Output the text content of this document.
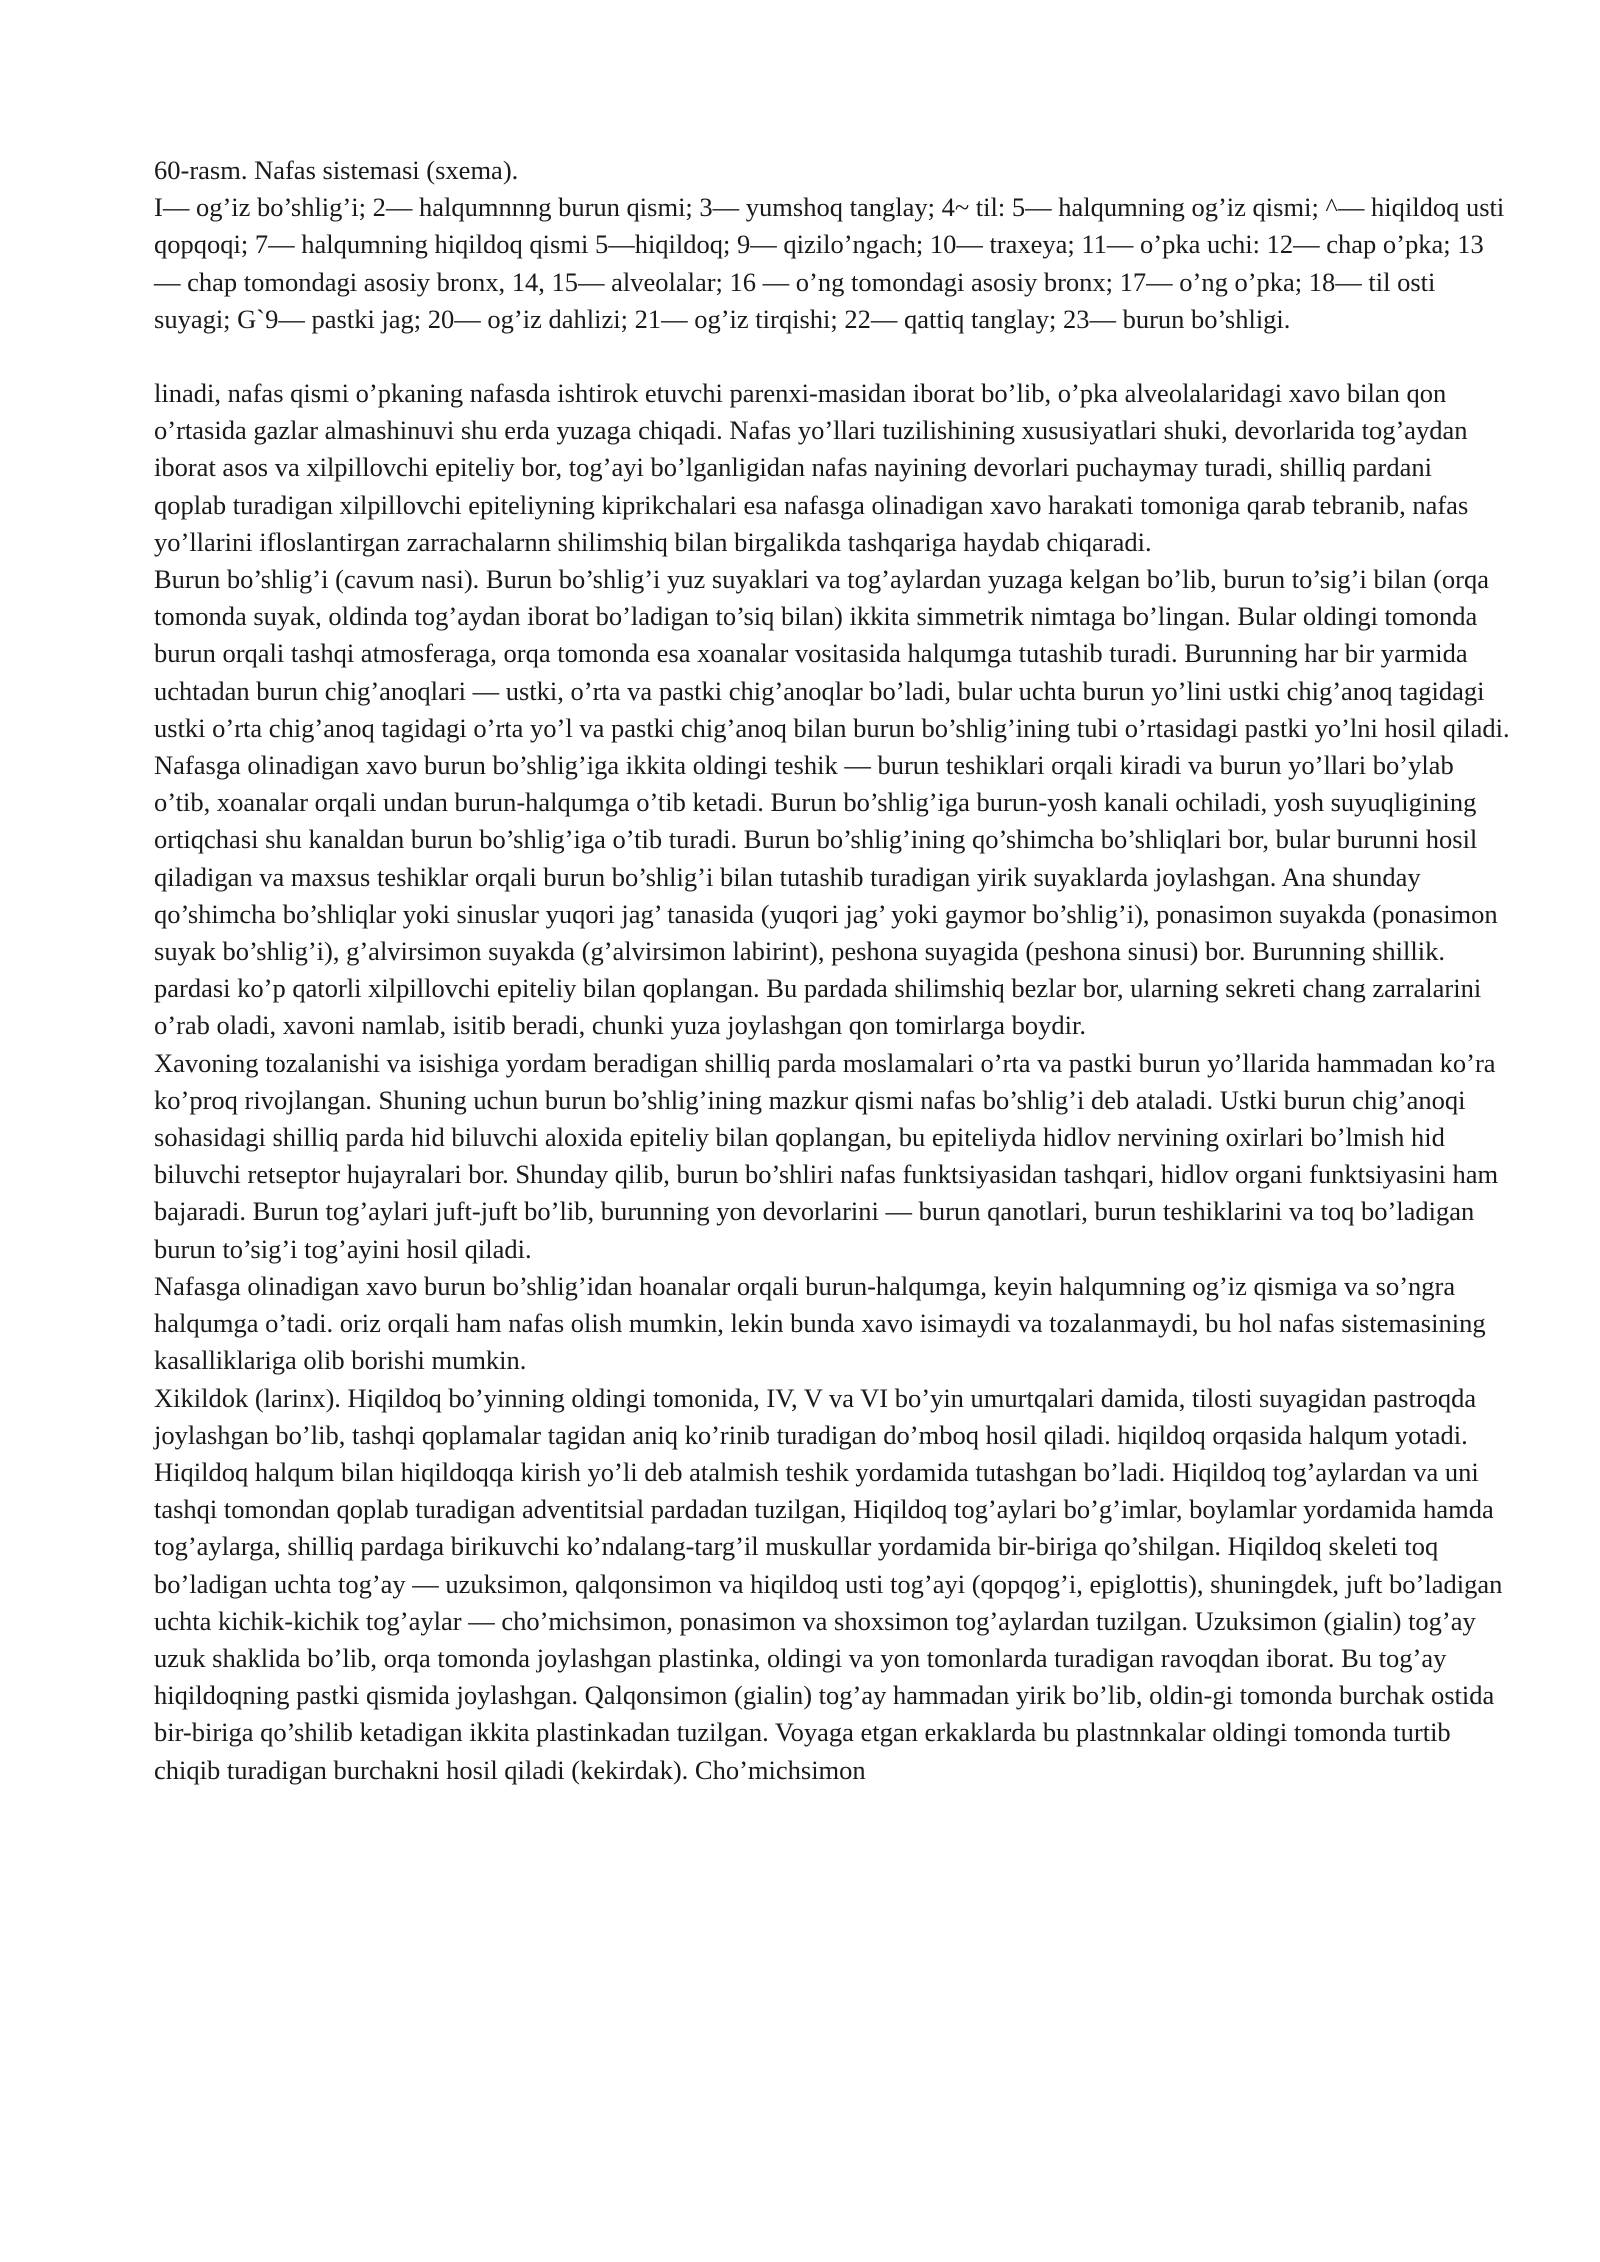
60-rasm. Nafas sistemasi (sxema).

I— og’iz bo’shlig’i; 2— halqumnnng burun qismi; 3— yumshoq tanglay; 4~ til: 5— halqumning og’iz qismi; ^— hiqildoq usti qopqoqi; 7— halqumning hiqildoq qismi 5—hiqildoq; 9— qizilo’ngach; 10— traxeya; 11— o’pka uchi: 12— chap o’pka; 13— chap tomondagi asosiy bronx, 14, 15— alveolalar; 16 — o’ng tomondagi asosiy bronx; 17— o’ng o’pka; 18— til osti suyagi; G`9— pastki jag; 20— og’iz dahlizi; 21— og’iz tirqishi; 22— qattiq tanglay; 23— burun bo’shligi.

linadi, nafas qismi o’pkaning nafasda ishtirok etuvchi parenxi-masidan iborat bo’lib, o’pka alveolalaridagi xavo bilan qon o’rtasida gazlar almashinuvi shu erda yuzaga chiqadi. Nafas yo’llari tuzilishining xususiyatlari shuki, devorlarida tog’aydan iborat asos va xilpillovchi epiteliy bor, tog’ayi bo’lganligidan nafas nayining devorlari puchaymay turadi, shilliq pardani qoplab turadigan xilpillovchi epiteliyning kiprikchalari esa nafasga olinadigan xavo harakati tomoniga qarab tebranib, nafas yo’llarini ifloslantirgan zarrachalarnn shilimshiq bilan birgalikda tashqariga haydab chiqaradi.

Burun bo’shlig’i (cavum nasi). Burun bo’shlig’i yuz suyaklari va tog’aylardan yuzaga kelgan bo’lib, burun to’sig’i bilan (orqa tomonda suyak, oldinda tog’aydan iborat bo’ladigan to’siq bilan) ikkita simmetrik nimtaga bo’lingan. Bular oldingi tomonda burun orqali tashqi atmosferaga, orqa tomonda esa xoanalar vositasida halqumga tutashib turadi. Burunning har bir yarmida uchtadan burun chig’anoqlari — ustki, o’rta va pastki chig’anoqlar bo’ladi, bular uchta burun yo’lini ustki chig’anoq tagidagi ustki o’rta chig’anoq tagidagi o’rta yo’l va pastki chig’anoq bilan burun bo’shlig’ining tubi o’rtasidagi pastki yo’lni hosil qiladi. Nafasga olinadigan xavo burun bo’shlig’iga ikkita oldingi teshik — burun teshiklari orqali kiradi va burun yo’llari bo’ylab o’tib, xoanalar orqali undan burun-halqumga o’tib ketadi. Burun bo’shlig’iga burun-yosh kanali ochiladi, yosh suyuqligining ortiqchasi shu kanaldan burun bo’shlig’iga o’tib turadi. Burun bo’shlig’ining qo’shimcha bo’shliqlari bor, bular burunni hosil qiladigan va maxsus teshiklar orqali burun bo’shlig’i bilan tutashib turadigan yirik suyaklarda joylashgan. Ana shunday qo’shimcha bo’shliqlar yoki sinuslar yuqori jag’ tanasida (yuqori jag’ yoki gaymor bo’shlig’i), ponasimon suyakda (ponasimon suyak bo’shlig’i), g’alvirsimon suyakda (g’alvirsimon labirint), peshona suyagida (peshona sinusi) bor. Burunning shillik. pardasi ko’p qatorli xilpillovchi epiteliy bilan qoplangan. Bu pardada shilimshiq bezlar bor, ularning sekreti chang zarralarini o’rab oladi, xavoni namlab, isitib beradi, chunki yuza joylashgan qon tomirlarga boydir.

Xavoning tozalanishi va isishiga yordam beradigan shilliq parda moslamalari o’rta va pastki burun yo’llarida hammadan ko’ra ko’proq rivojlangan. Shuning uchun burun bo’shlig’ining mazkur qismi nafas bo’shlig’i deb ataladi. Ustki burun chig’anoqi sohasidagi shilliq parda hid biluvchi aloxida epiteliy bilan qoplangan, bu epiteliyda hidlov nervining oxirlari bo’lmish hid biluvchi retseptor hujayralari bor. Shunday qilib, burun bo’shliri nafas funktsiyasidan tashqari, hidlov organi funktsiyasini ham bajaradi. Burun tog’aylari juft-juft bo’lib, burunning yon devorlarini — burun qanotlari, burun teshiklarini va toq bo’ladigan burun to’sig’i tog’ayini hosil qiladi.

Nafasga olinadigan xavo burun bo’shlig’idan hoanalar orqali burun-halqumga, keyin halqumning og’iz qismiga va so’ngra halqumga o’tadi. oriz orqali ham nafas olish mumkin, lekin bunda xavo isimaydi va tozalanmaydi, bu hol nafas sistemasining kasalliklariga olib borishi mumkin.

Xikildok (larinx). Hiqildoq bo’yinning oldingi tomonida, IV, V va VI bo’yin umurtqalari damida, tilosti suyagidan pastroqda joylashgan bo’lib, tashqi qoplamalar tagidan aniq ko’rinib turadigan do’mboq hosil qiladi. hiqildoq orqasida halqum yotadi. Hiqildoq halqum bilan hiqildoqqa kirish yo’li deb atalmish teshik yordamida tutashgan bo’ladi. Hiqildoq tog’aylardan va uni tashqi tomondan qoplab turadigan adventitsial pardadan tuzilgan, Hiqildoq tog’aylari bo’g’imlar, boylamlar yordamida hamda tog’aylarga, shilliq pardaga birikuvchi ko’ndalang-targ’il muskullar yordamida bir-biriga qo’shilgan. Hiqildoq skeleti toq bo’ladigan uchta tog’ay — uzuksimon, qalqonsimon va hiqildoq usti tog’ayi (qopqog’i, epiglottis), shuningdek, juft bo’ladigan uchta kichik-kichik tog’aylar — cho’michsimon, ponasimon va shoxsimon tog’aylardan tuzilgan. Uzuksimon (gialin) tog’ay uzuk shaklida bo’lib, orqa tomonda joylashgan plastinka, oldingi va yon tomonlarda turadigan ravoqdan iborat. Bu tog’ay hiqildoqning pastki qismida joylashgan. Qalqonsimon (gialin) tog’ay hammadan yirik bo’lib, oldin-gi tomonda burchak ostida bir-biriga qo’shilib ketadigan ikkita plastinkadan tuzilgan. Voyaga etgan erkaklarda bu plastnnkalar oldingi tomonda turtib chiqib turadigan burchakni hosil qiladi (kekirdak). Cho’michsimon
